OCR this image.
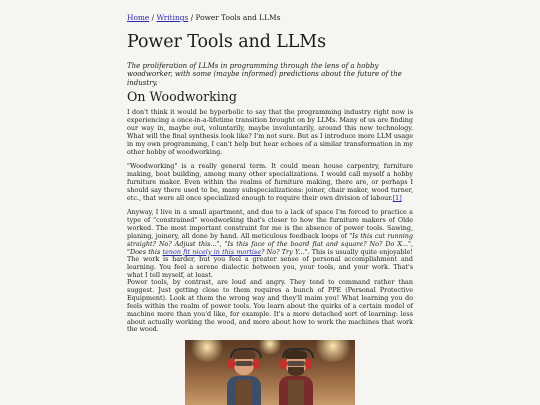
Home / Writings / Power Tools and LLMs
Power Tools and LLMs

The proliferation of LLMs in programming through the lens of a hobby woodworker, with some (maybe informed) predictions about the future of the industry.

On Woodworking

I don't think it would be hyperbolic to say that the programming industry right now is experiencing a once-in-a-lifetime transition brought on by LLMs. Many of us are finding our way in, maybe out, voluntarily, maybe involuntarily, around this new technology. What will the final synthesis look like? I'm not sure. But as I introduce more LLM usage in my own programming, I can't help but hear echoes of a similar transformation in my other hobby of woodworking.

"Woodworking" is a really general term. It could mean house carpentry, furniture making, boat building, among many other specializations. I would call myself a hobby furniture maker. Even within the realms of furniture making, there are, or perhaps I should say there used to be, many subspecializations: joiner, chair maker, wood turner, etc., that were all once specialized enough to require their own division of labour.[1]

Anyway, I live in a small apartment, and due to a lack of space I'm forced to practice a type of "constrained" woodworking that's closer to how the furniture makers of Olde worked. The most important constraint for me is the absence of power tools. Sawing, planing, joinery, all done by hand. All meticulous feedback loops of "Is this cut running straight? No? Adjust this...", "Is this face of the board flat and square? No? Do X...", "Does this tenon fit nicely in this mortise? No? Try Y...". This is usually quite enjoyable! The work is harder, but you feel a greater sense of personal accomplishment and learning. You feel a serene dialectic between you, your tools, and your work. That's what I tell myself, at least.

Power tools, by contrast, are loud and angry. They tend to command rather than suggest. Just getting close to them requires a bunch of PPE (Personal Protective Equipment). Look at them the wrong way and they'll maim you! What learning you do feels within the realm of power tools. You learn about the quirks of a certain model of machine more than you'd like, for example. It's a more detached sort of learning: less about actually working the wood, and more about how to work the machines that work the wood.
